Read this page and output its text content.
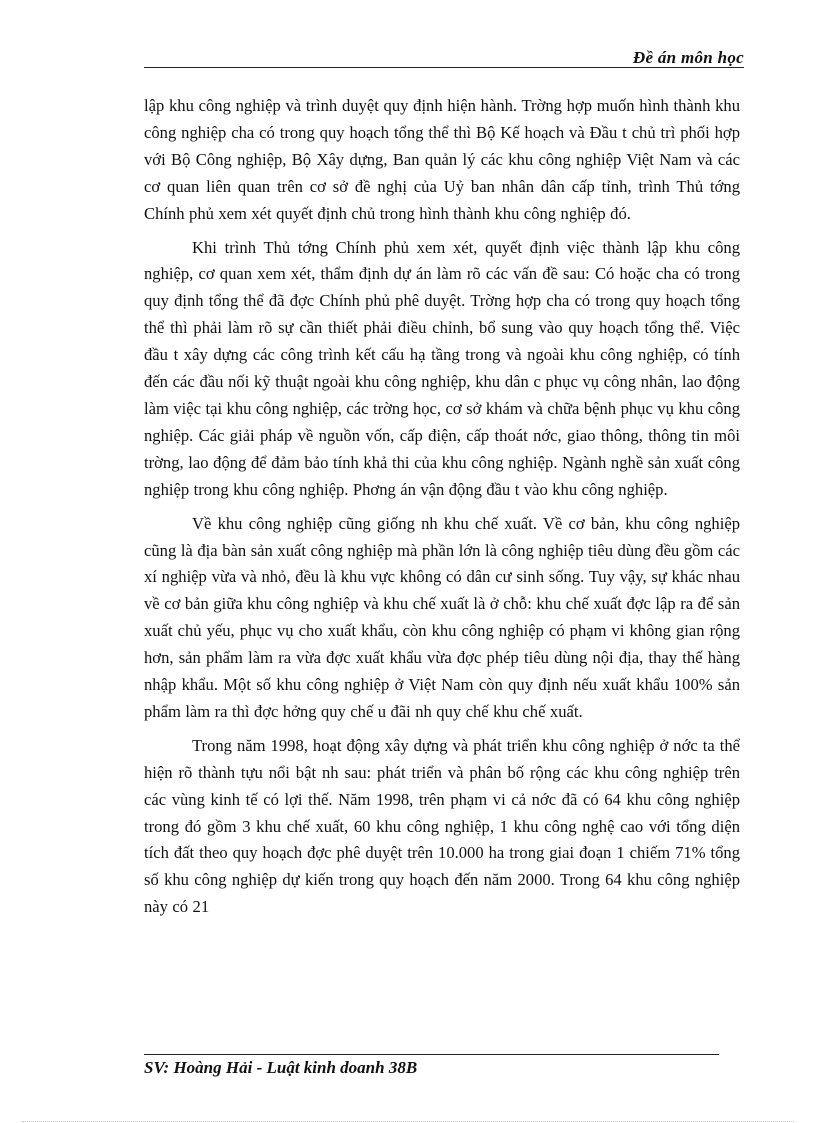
Đề án môn học

lập khu công nghiệp và trình duyệt quy định hiện hành. Trờng hợp muốn hình thành khu công nghiệp cha có trong quy hoạch tổng thể thì Bộ Kế hoạch và Đầu t chủ trì phối hợp với Bộ Công nghiệp, Bộ Xây dựng, Ban quản lý các khu công nghiệp Việt Nam và các cơ quan liên quan trên cơ sở đề nghị của Uỷ ban nhân dân cấp tỉnh, trình Thủ tớng Chính phủ xem xét quyết định chủ trong hình thành khu công nghiệp đó.

Khi trình Thủ tớng Chính phủ xem xét, quyết định việc thành lập khu công nghiệp, cơ quan xem xét, thẩm định dự án làm rõ các vấn đề sau: Có hoặc cha có trong quy định tổng thể đã đợc Chính phủ phê duyệt. Trờng hợp cha có trong quy hoạch tổng thể thì phải làm rõ sự cần thiết phải điều chỉnh, bổ sung vào quy hoạch tổng thể. Việc đầu t xây dựng các công trình kết cấu hạ tầng trong và ngoài khu công nghiệp, có tính đến các đầu nối kỹ thuật ngoài khu công nghiệp, khu dân c phục vụ công nhân, lao động làm việc tại khu công nghiệp, các trờng học, cơ sở khám và chữa bệnh phục vụ khu công nghiệp. Các giải pháp về nguồn vốn, cấp điện, cấp thoát nớc, giao thông, thông tin môi trờng, lao động để đảm bảo tính khả thi của khu công nghiệp. Ngành nghề sản xuất công nghiệp trong khu công nghiệp. Phơng án vận động đầu t vào khu công nghiệp.

Về khu công nghiệp cũng giống nh khu chế xuất. Về cơ bản, khu công nghiệp cũng là địa bàn sản xuất công nghiệp mà phần lớn là công nghiệp tiêu dùng đều gồm các xí nghiệp vừa và nhỏ, đều là khu vực không có dân cư sinh sống. Tuy vậy, sự khác nhau về cơ bản giữa khu công nghiệp và khu chế xuất là ở chỗ: khu chế xuất đợc lập ra để sản xuất chủ yếu, phục vụ cho xuất khẩu, còn khu công nghiệp có phạm vi không gian rộng hơn, sản phẩm làm ra vừa đợc xuất khẩu vừa đợc phép tiêu dùng nội địa, thay thế hàng nhập khẩu. Một số khu công nghiệp ở Việt Nam còn quy định nếu xuất khẩu 100% sản phẩm làm ra thì đợc hởng quy chế u đãi nh quy chế khu chế xuất.

Trong năm 1998, hoạt động xây dựng và phát triển khu công nghiệp ở nớc ta thể hiện rõ thành tựu nổi bật nh sau: phát triển và phân bố rộng các khu công nghiệp trên các vùng kinh tế có lợi thế. Năm 1998, trên phạm vi cả nớc đã có 64 khu công nghiệp trong đó gồm 3 khu chế xuất, 60 khu công nghiệp, 1 khu công nghệ cao với tổng diện tích đất theo quy hoạch đợc phê duyệt trên 10.000 ha trong giai đoạn 1 chiếm 71% tổng số khu công nghiệp dự kiến trong quy hoạch đến năm 2000. Trong 64 khu công nghiệp này có 21

SV: Hoàng Hải - Luật kinh doanh 38B
